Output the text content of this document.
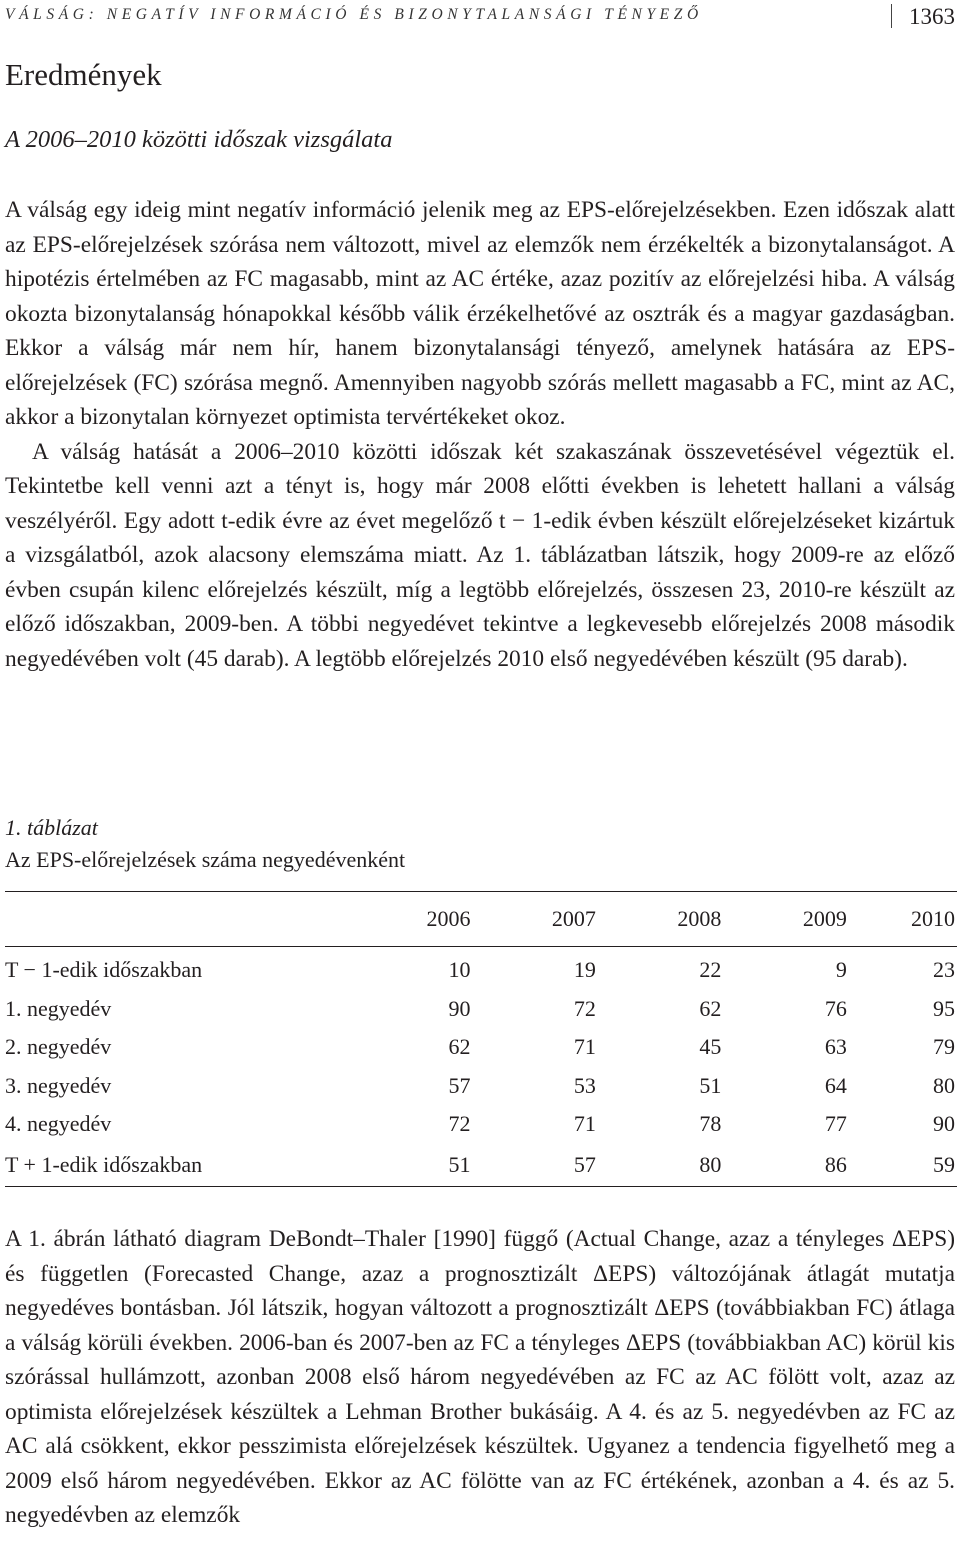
VÁLSÁG: NEGATÍV INFORMÁCIÓ ÉS BIZONYTALANSÁGI TÉNYEZŐ	1363
Eredmények
A 2006–2010 közötti időszak vizsgálata

A válság egy ideig mint negatív információ jelenik meg az EPS-előrejelzésekben. Ezen időszak alatt az EPS-előrejelzések szórása nem változott, mivel az elemzők nem érzékelték a bizonytalanságot. A hipotézis értelmében az FC magasabb, mint az AC értéke, azaz pozitív az előrejelzési hiba. A válság okozta bizonytalanság hónapokkal később válik érzékelhetővé az osztrák és a magyar gazdaságban. Ekkor a válság már nem hír, hanem bizonytalansági tényező, amelynek hatására az EPS-előrejelzések (FC) szórása megnő. Amennyiben nagyobb szórás mellett magasabb a FC, mint az AC, akkor a bizonytalan környezet optimista tervértékeket okoz.

A válság hatását a 2006–2010 közötti időszak két szakaszának összevetésével végeztük el. Tekintetbe kell venni azt a tényt is, hogy már 2008 előtti években is lehetett hallani a válság veszélyéről. Egy adott t-edik évre az évet megelőző t − 1-edik évben készült előrejelzéseket kizártuk a vizsgálatból, azok alacsony elemszáma miatt. Az 1. táblázatban látszik, hogy 2009-re az előző évben csupán kilenc előrejelzés készült, míg a legtöbb előrejelzés, összesen 23, 2010-re készült az előző időszakban, 2009-ben. A többi negyedévet tekintve a legkevesebb előrejelzés 2008 második negyedévében volt (45 darab). A legtöbb előrejelzés 2010 első negyedévében készült (95 darab).

1. táblázat
Az EPS-előrejelzések száma negyedévenként
	2006	2007	2008	2009	2010
T − 1-edik időszakban	10	19	22	9	23
1. negyedév	90	72	62	76	95
2. negyedév	62	71	45	63	79
3. negyedév	57	53	51	64	80
4. negyedév	72	71	78	77	90
T + 1-edik időszakban	51	57	80	86	59

A 1. ábrán látható diagram DeBondt–Thaler [1990] függő (Actual Change, azaz a tényleges ΔEPS) és független (Forecasted Change, azaz a prognosztizált ΔEPS) változójának átlagát mutatja negyedéves bontásban. Jól látszik, hogyan változott a prognosztizált ΔEPS (továbbiakban FC) átlaga a válság körüli években. 2006-ban és 2007-ben az FC a tényleges ΔEPS (továbbiakban AC) körül kis szórással hullámzott, azonban 2008 első három negyedévében az FC az AC fölött volt, azaz az optimista előrejelzések készültek a Lehman Brother bukásáig. A 4. és az 5. negyedévben az FC az AC alá csökkent, ekkor pesszimista előrejelzések készültek. Ugyanez a tendencia figyelhető meg a 2009 első három negyedévében. Ekkor az AC fölötte van az FC értékének, azonban a 4. és az 5. negyedévben az elemzők
